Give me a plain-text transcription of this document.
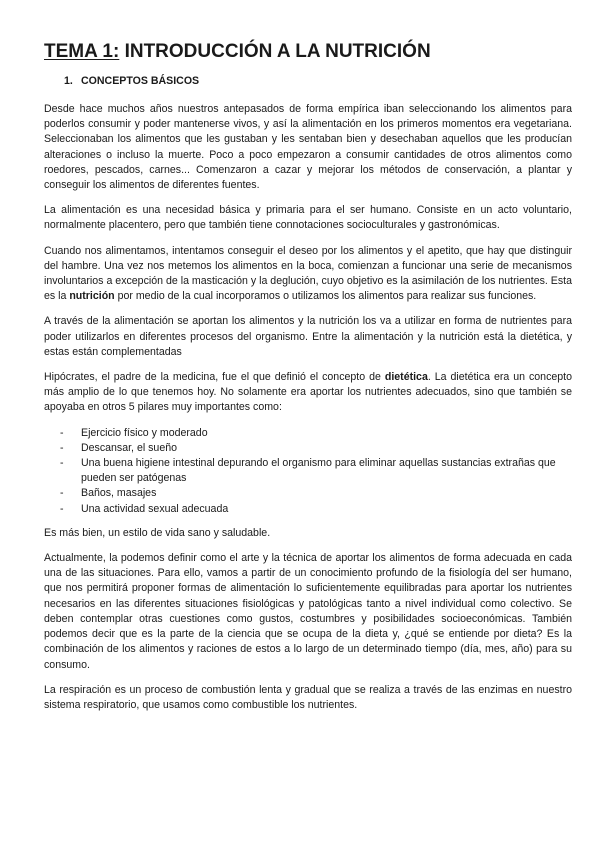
TEMA 1: INTRODUCCIÓN A LA NUTRICIÓN
1. CONCEPTOS BÁSICOS

Desde hace muchos años nuestros antepasados de forma empírica iban seleccionando los alimentos para poderlos consumir y poder mantenerse vivos, y así la alimentación en los primeros momentos era vegetariana. Seleccionaban los alimentos que les gustaban y les sentaban bien y desechaban aquellos que les producían alteraciones o incluso la muerte. Poco a poco empezaron a consumir cantidades de otros alimentos como roedores, pescados, carnes... Comenzaron a cazar y mejorar los métodos de conservación, a plantar y conseguir los alimentos de diferentes fuentes.

La alimentación es una necesidad básica y primaria para el ser humano. Consiste en un acto voluntario, normalmente placentero, pero que también tiene connotaciones socioculturales y gastronómicas.

Cuando nos alimentamos, intentamos conseguir el deseo por los alimentos y el apetito, que hay que distinguir del hambre. Una vez nos metemos los alimentos en la boca, comienzan a funcionar una serie de mecanismos involuntarios a excepción de la masticación y la deglución, cuyo objetivo es la asimilación de los nutrientes. Esta es la nutrición por medio de la cual incorporamos o utilizamos los alimentos para realizar sus funciones.

A través de la alimentación se aportan los alimentos y la nutrición los va a utilizar en forma de nutrientes para poder utilizarlos en diferentes procesos del organismo. Entre la alimentación y la nutrición está la dietética, y estas están complementadas

Hipócrates, el padre de la medicina, fue el que definió el concepto de dietética. La dietética era un concepto más amplio de lo que tenemos hoy. No solamente era aportar los nutrientes adecuados, sino que también se apoyaba en otros 5 pilares muy importantes como:

- Ejercicio físico y moderado
- Descansar, el sueño
- Una buena higiene intestinal depurando el organismo para eliminar aquellas sustancias extrañas que pueden ser patógenas
- Baños, masajes
- Una actividad sexual adecuada

Es más bien, un estilo de vida sano y saludable.

Actualmente, la podemos definir como el arte y la técnica de aportar los alimentos de forma adecuada en cada una de las situaciones. Para ello, vamos a partir de un conocimiento profundo de la fisiología del ser humano, que nos permitirá proponer formas de alimentación lo suficientemente equilibradas para aportar los nutrientes necesarios en las diferentes situaciones fisiológicas y patológicas tanto a nivel individual como colectivo. Se deben contemplar otras cuestiones como gustos, costumbres y posibilidades socioeconómicas. También podemos decir que es la parte de la ciencia que se ocupa de la dieta y, ¿qué se entiende por dieta? Es la combinación de los alimentos y raciones de estos a lo largo de un determinado tiempo (día, mes, año) para su consumo.

La respiración es un proceso de combustión lenta y gradual que se realiza a través de las enzimas en nuestro sistema respiratorio, que usamos como combustible los nutrientes.
